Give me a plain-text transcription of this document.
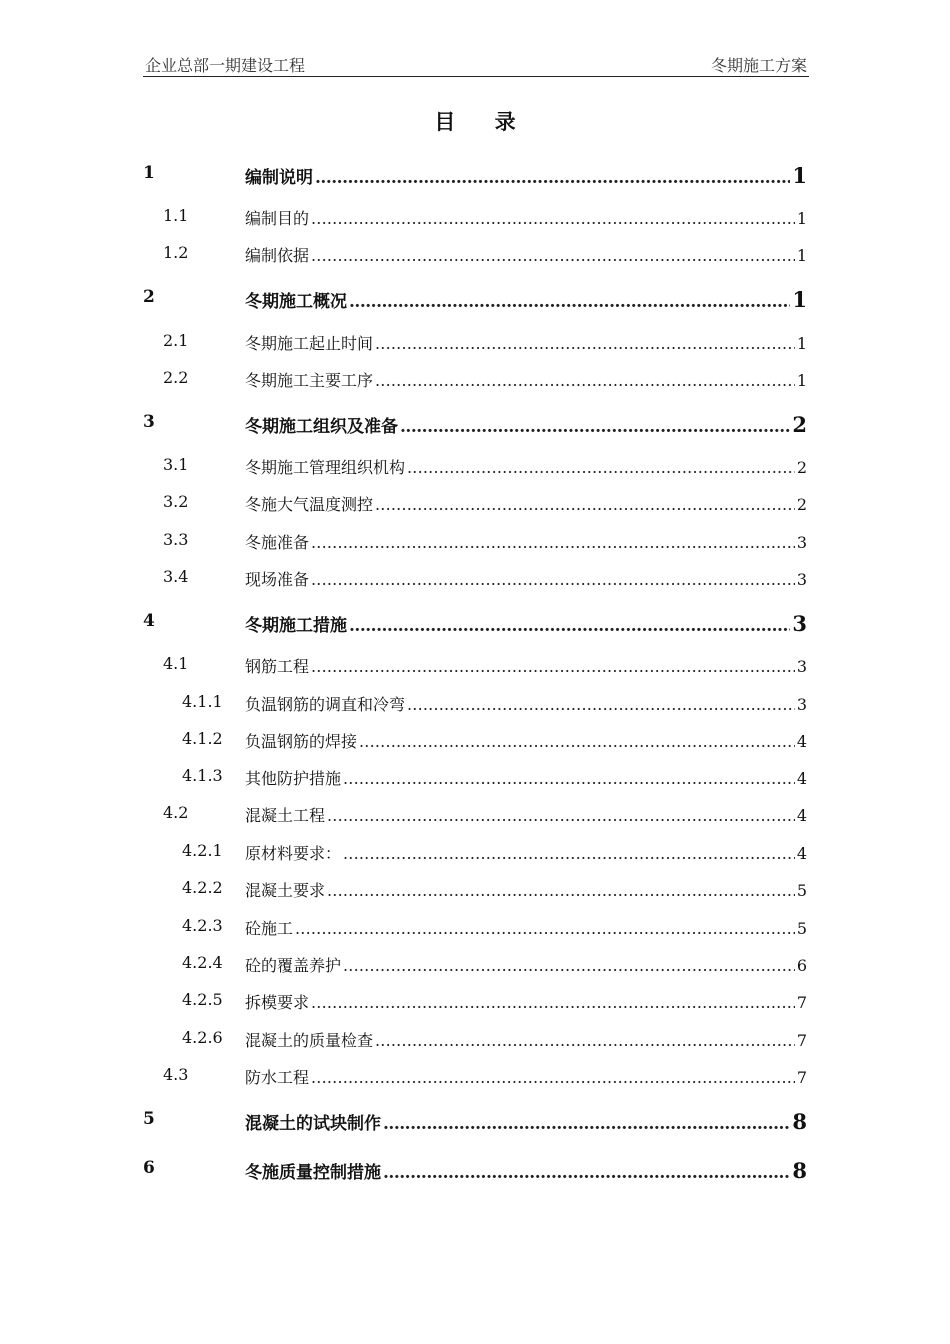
企业总部一期建设工程	冬期施工方案
目 录
1	编制说明 .....	1
1.1	编制目的 .....	1
1.2	编制依据 .....	1
2	冬期施工概况 .....	1
2.1	冬期施工起止时间 .....	1
2.2	冬期施工主要工序 .....	1
3	冬期施工组织及准备 .....	2
3.1	冬期施工管理组织机构 .....	2
3.2	冬施大气温度测控 .....	2
3.3	冬施准备 .....	3
3.4	现场准备 .....	3
4	冬期施工措施 .....	3
4.1	钢筋工程 .....	3
4.1.1 负温钢筋的调直和冷弯 .....	3
4.1.2 负温钢筋的焊接 .....	4
4.1.3 其他防护措施 .....	4
4.2	混凝土工程 .....	4
4.2.1 原材料要求： .....	4
4.2.2 混凝土要求 .....	5
4.2.3 砼施工 .....	5
4.2.4 砼的覆盖养护 .....	6
4.2.5 拆模要求 .....	7
4.2.6 混凝土的质量检查 .....	7
4.3	防水工程 .....	7
5	混凝土的试块制作 .....	8
6	冬施质量控制措施 .....	8
